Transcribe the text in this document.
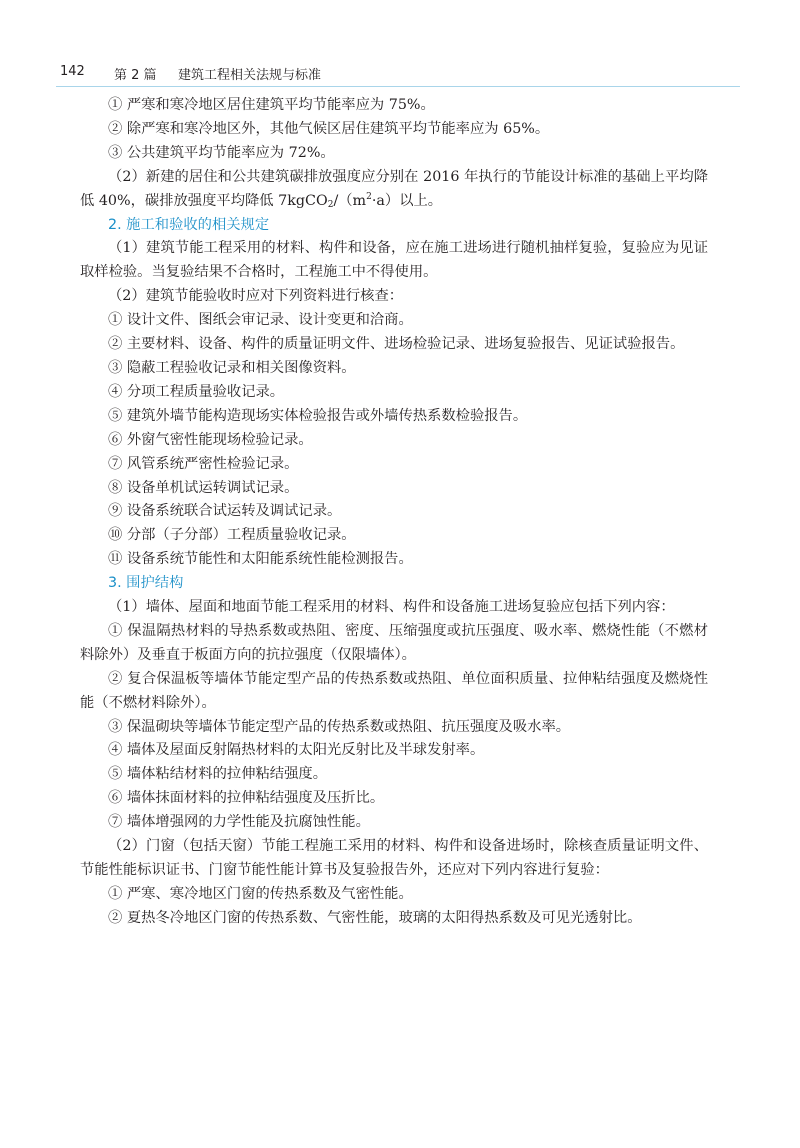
142 第 2 篇 建筑工程相关法规与标准

① 严寒和寒冷地区居住建筑平均节能率应为 75%。

② 除严寒和寒冷地区外，其他气候区居住建筑平均节能率应为 65%。

③ 公共建筑平均节能率应为 72%。

（2）新建的居住和公共建筑碳排放强度应分别在 2016 年执行的节能设计标准的基础上平均降低 40%，碳排放强度平均降低 $7kgCO_2/(m^2\cdot a)$以上。

2. 施工和验收的相关规定

（1）建筑节能工程采用的材料、构件和设备，应在施工进场进行随机抽样复验，复验应为见证取样检验。当复验结果不合格时，工程施工中不得使用。

（2）建筑节能验收时应对下列资料进行核查：

① 设计文件、图纸会审记录、设计变更和洽商。

② 主要材料、设备、构件的质量证明文件、进场检验记录、进场复验报告、见证试验报告。

③ 隐蔽工程验收记录和相关图像资料。

④ 分项工程质量验收记录。

⑤ 建筑外墙节能构造现场实体检验报告或外墙传热系数检验报告。

⑥ 外窗气密性能现场检验记录。

⑦ 风管系统严密性检验记录。

⑧ 设备单机试运转调试记录。

⑨ 设备系统联合试运转及调试记录。

⑩ 分部（子分部）工程质量验收记录。

⑪ 设备系统节能性和太阳能系统性能检测报告。

3. 围护结构

（1）墙体、屋面和地面节能工程采用的材料、构件和设备施工进场复验应包括下列内容：

① 保温隔热材料的导热系数或热阻、密度、压缩强度或抗压强度、吸水率、燃烧性能（不燃材料除外）及垂直于板面方向的抗拉强度（仅限墙体）。

② 复合保温板等墙体节能定型产品的传热系数或热阻、单位面积质量、拉伸粘结强度及燃烧性能（不燃材料除外）。

③ 保温砌块等墙体节能定型产品的传热系数或热阻、抗压强度及吸水率。

④ 墙体及屋面反射隔热材料的太阳光反射比及半球发射率。

⑤ 墙体粘结材料的拉伸粘结强度。

⑥ 墙体抹面材料的拉伸粘结强度及压折比。

⑦ 墙体增强网的力学性能及抗腐蚀性能。

（2）门窗（包括天窗）节能工程施工采用的材料、构件和设备进场时，除核查质量证明文件、节能性能标识证书、门窗节能性能计算书及复验报告外，还应对下列内容进行复验：

① 严寒、寒冷地区门窗的传热系数及气密性能。

② 夏热冬冷地区门窗的传热系数、气密性能，玻璃的太阳得热系数及可见光透射比。
